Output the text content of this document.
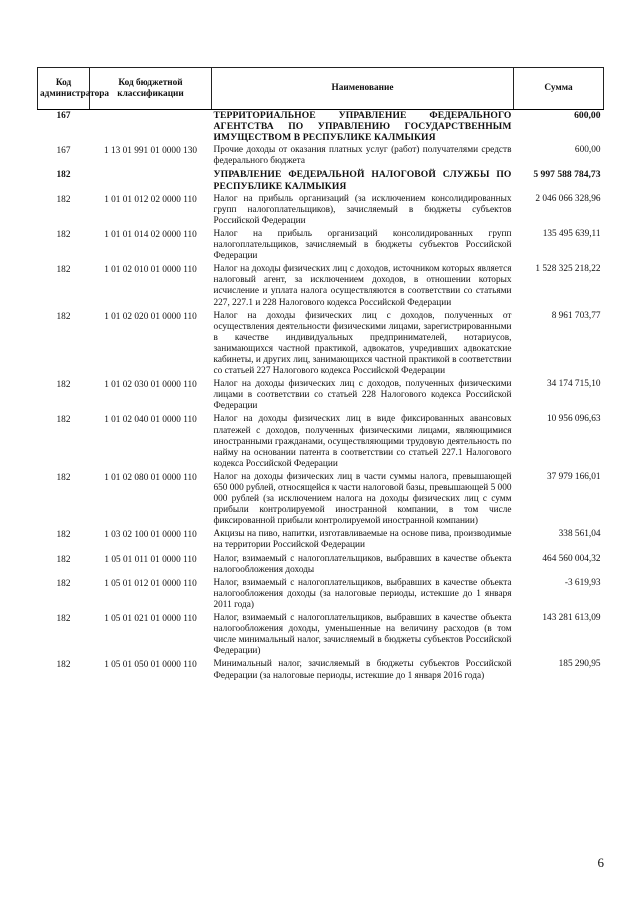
Код администратора	Код бюджетной классификации	Наименование	Сумма
167		ТЕРРИТОРИАЛЬНОЕ УПРАВЛЕНИЕ ФЕДЕРАЛЬНОГО АГЕНТСТВА ПО УПРАВЛЕНИЮ ГОСУДАРСТВЕННЫМ ИМУЩЕСТВОМ В РЕСПУБЛИКЕ КАЛМЫКИЯ	600,00
167	1 13 01 991 01 0000 130	Прочие доходы от оказания платных услуг (работ) получателями средств федерального бюджета	600,00
182		УПРАВЛЕНИЕ ФЕДЕРАЛЬНОЙ НАЛОГОВОЙ СЛУЖБЫ ПО РЕСПУБЛИКЕ КАЛМЫКИЯ	5 997 588 784,73
182	1 01 01 012 02 0000 110	Налог на прибыль организаций (за исключением консолидированных групп налогоплательщиков), зачисляемый в бюджеты субъектов Российской Федерации	2 046 066 328,96
182	1 01 01 014 02 0000 110	Налог на прибыль организаций консолидированных групп налогоплательщиков, зачисляемый в бюджеты субъектов Российской Федерации	135 495 639,11
182	1 01 02 010 01 0000 110	Налог на доходы физических лиц с доходов, источником которых является налоговый агент, за исключением доходов, в отношении которых исчисление и уплата налога осуществляются в соответствии со статьями 227, 227.1 и 228 Налогового кодекса Российской Федерации	1 528 325 218,22
182	1 01 02 020 01 0000 110	Налог на доходы физических лиц с доходов, полученных от осуществления деятельности физическими лицами, зарегистрированными в качестве индивидуальных предпринимателей, нотариусов, занимающихся частной практикой, адвокатов, учредивших адвокатские кабинеты, и других лиц, занимающихся частной практикой в соответствии со статьей 227 Налогового кодекса Российской Федерации	8 961 703,77
182	1 01 02 030 01 0000 110	Налог на доходы физических лиц с доходов, полученных физическими лицами в соответствии со статьей 228 Налогового кодекса Российской Федерации	34 174 715,10
182	1 01 02 040 01 0000 110	Налог на доходы физических лиц в виде фиксированных авансовых платежей с доходов, полученных физическими лицами, являющимися иностранными гражданами, осуществляющими трудовую деятельность по найму на основании патента в соответствии со статьей 227.1 Налогового кодекса Российской Федерации	10 956 096,63
182	1 01 02 080 01 0000 110	Налог на доходы физических лиц в части суммы налога, превышающей 650 000 рублей, относящейся к части налоговой базы, превышающей 5 000 000 рублей (за исключением налога на доходы физических лиц с сумм прибыли контролируемой иностранной компании, в том числе фиксированной прибыли контролируемой иностранной компании)	37 979 166,01
182	1 03 02 100 01 0000 110	Акцизы на пиво, напитки, изготавливаемые на основе пива, производимые на территории Российской Федерации	338 561,04
182	1 05 01 011 01 0000 110	Налог, взимаемый с налогоплательщиков, выбравших в качестве объекта налогообложения доходы	464 560 004,32
182	1 05 01 012 01 0000 110	Налог, взимаемый с налогоплательщиков, выбравших в качестве объекта налогообложения доходы (за налоговые периоды, истекшие до 1 января 2011 года)	-3 619,93
182	1 05 01 021 01 0000 110	Налог, взимаемый с налогоплательщиков, выбравших в качестве объекта налогообложения доходы, уменьшенные на величину расходов (в том числе минимальный налог, зачисляемый в бюджеты субъектов Российской Федерации)	143 281 613,09
182	1 05 01 050 01 0000 110	Минимальный налог, зачисляемый в бюджеты субъектов Российской Федерации (за налоговые периоды, истекшие до 1 января 2016 года)	185 290,95
6
